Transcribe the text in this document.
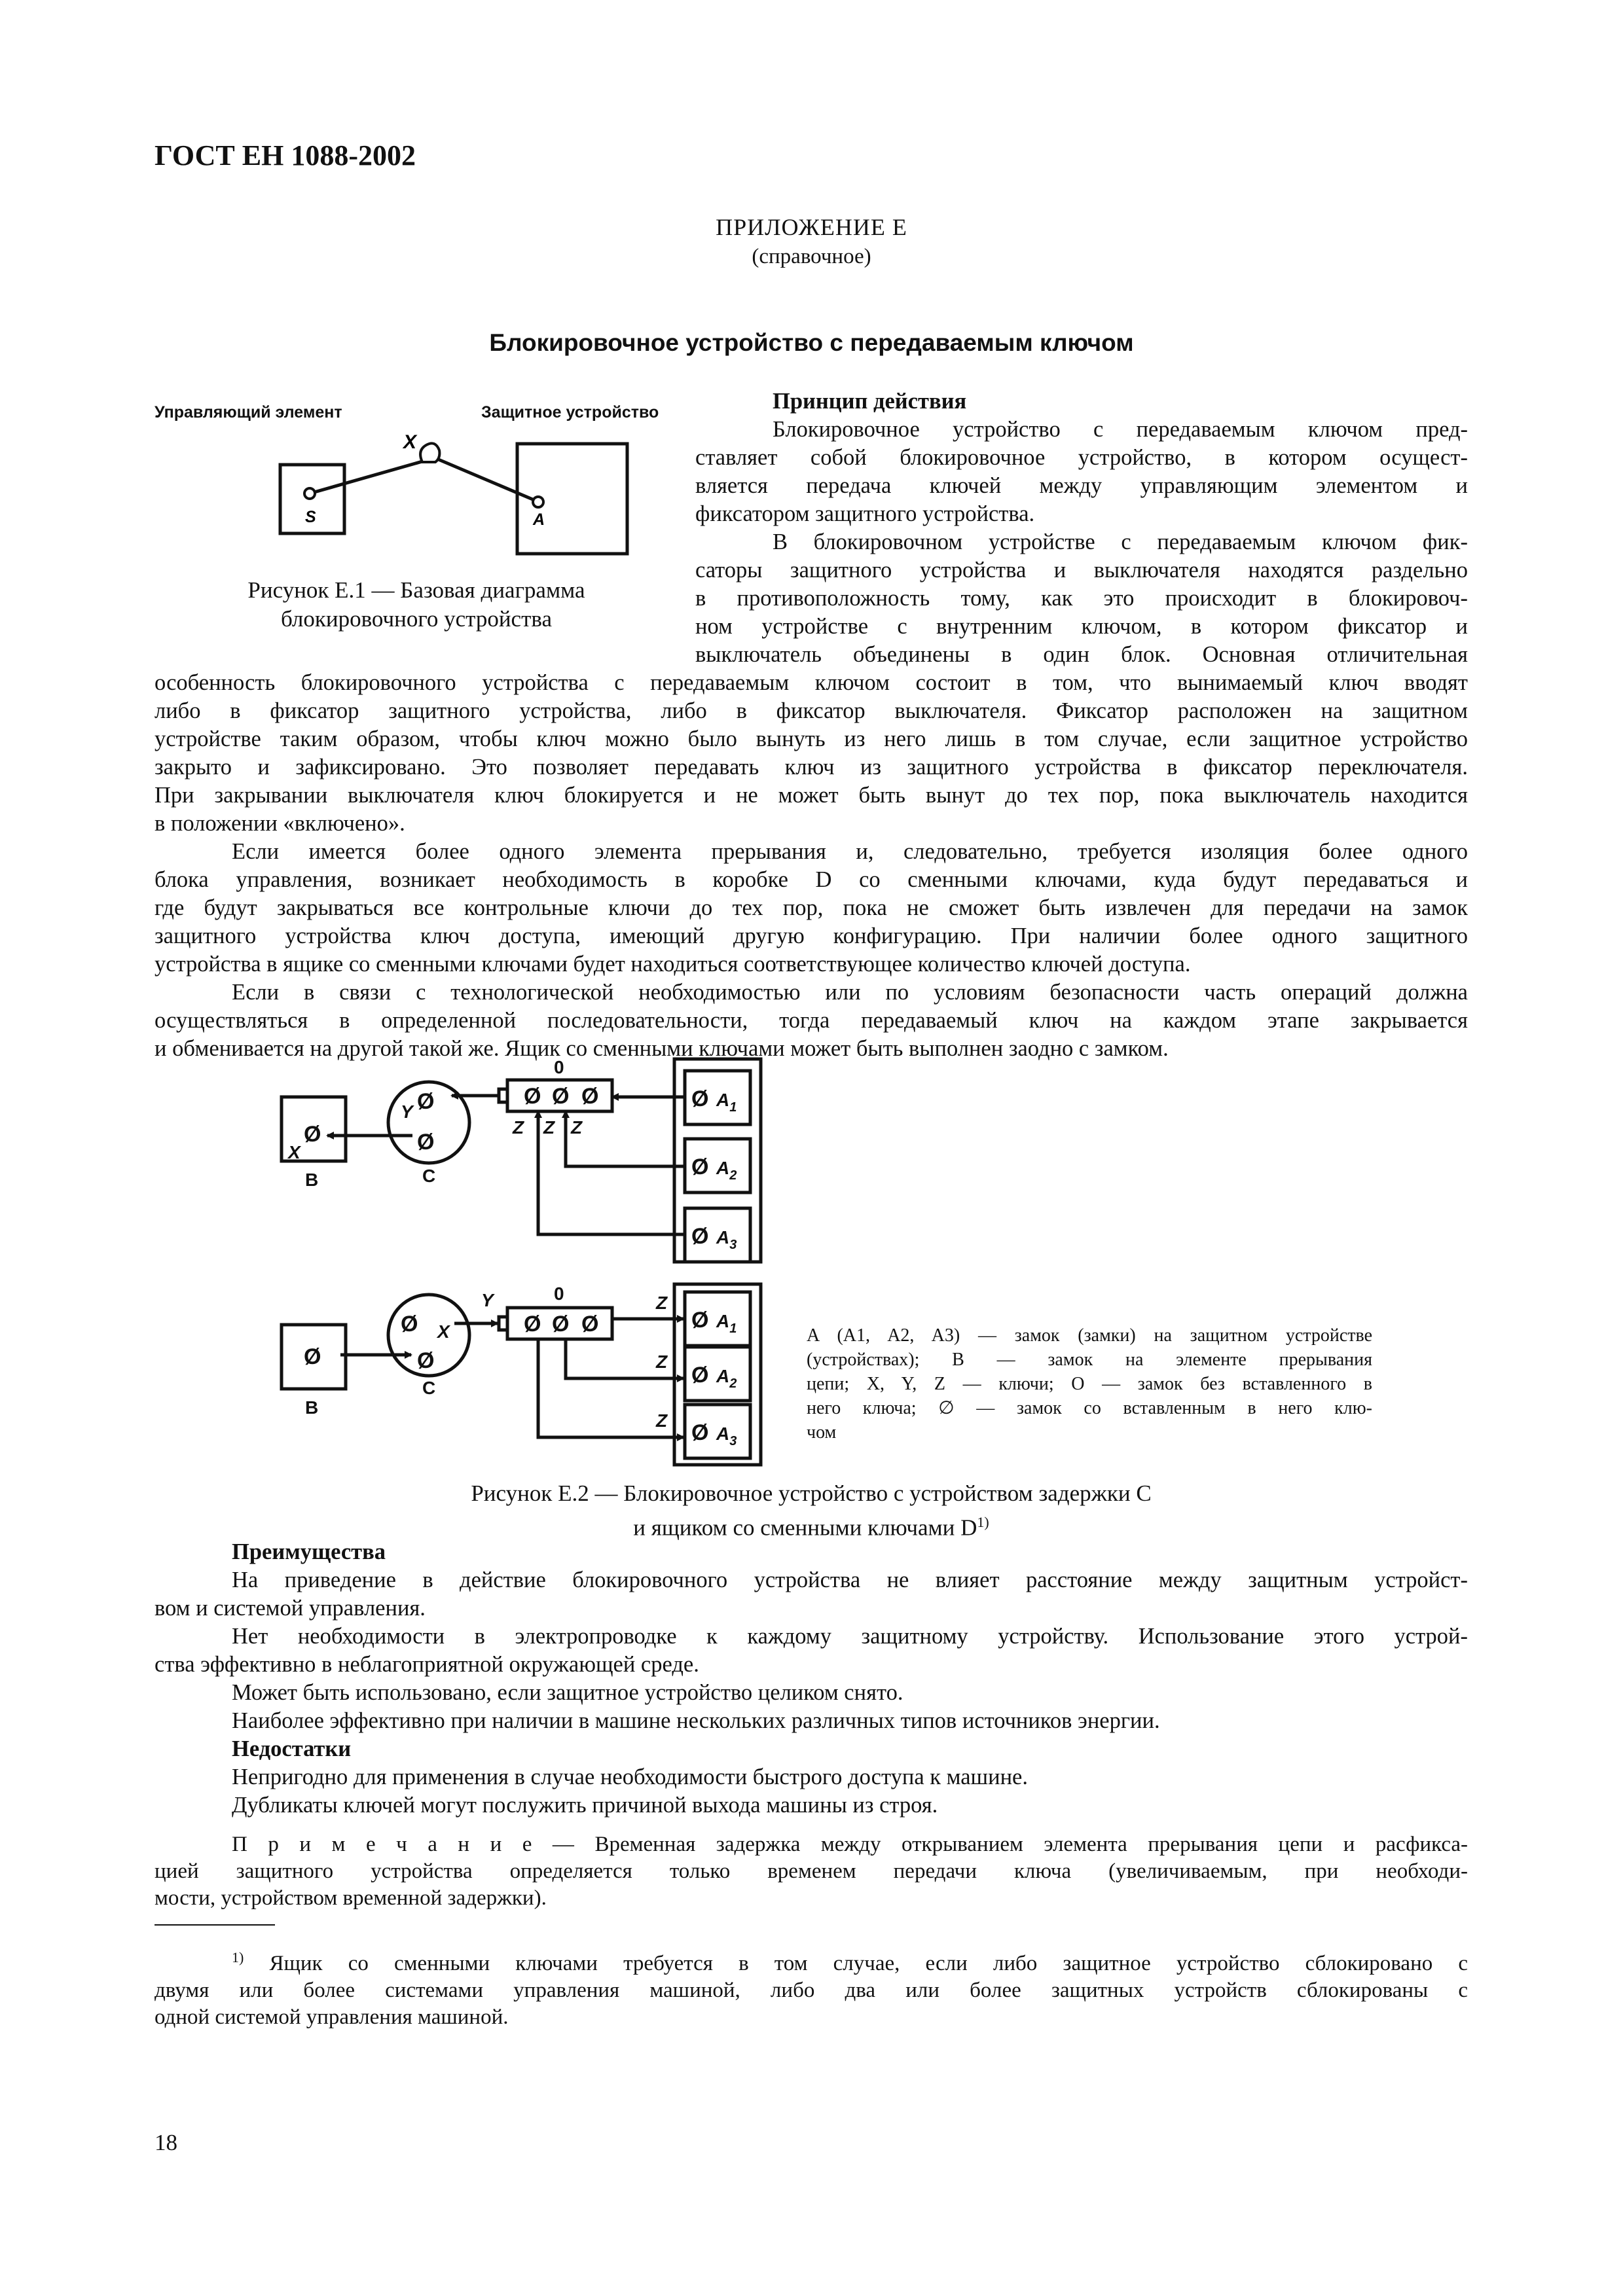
ГОСТ ЕН 1088-2002
ПРИЛОЖЕНИЕ Е
(справочное)
Блокировочное устройство с передаваемым ключом
Управляющий элемент	Защитное устройство
X
S	A
Рисунок Е.1 — Базовая диаграмма
блокировочного устройства
Принцип действия
Блокировочное устройство с передаваемым ключом пред-
ставляет собой блокировочное устройство, в котором осущест-
вляется передача ключей между управляющим элементом и
фиксатором защитного устройства.
В блокировочном устройстве с передаваемым ключом фик-
саторы защитного устройства и выключателя находятся раздельно
в противоположность тому, как это происходит в блокировоч-
ном устройстве с внутренним ключом, в котором фиксатор и
выключатель объединены в один блок. Основная отличительная
особенность блокировочного устройства с передаваемым ключом состоит в том, что вынимаемый ключ вводят
либо в фиксатор защитного устройства, либо в фиксатор выключателя. Фиксатор расположен на защитном
устройстве таким образом, чтобы ключ можно было вынуть из него лишь в том случае, если защитное устройство
закрыто и зафиксировано. Это позволяет передавать ключ из защитного устройства в фиксатор переключателя.
При закрывании выключателя ключ блокируется и не может быть вынут до тех пор, пока выключатель находится
в положении «включено».
Если имеется более одного элемента прерывания и, следовательно, требуется изоляция более одного
блока управления, возникает необходимость в коробке D со сменными ключами, куда будут передаваться и
где будут закрываться все контрольные ключи до тех пор, пока не сможет быть извлечен для передачи на замок
защитного устройства ключ доступа, имеющий другую конфигурацию. При наличии более одного защитного
устройства в ящике со сменными ключами будет находиться соответствующее количество ключей доступа.
Если в связи с технологической необходимостью или по условиям безопасности часть операций должна
осуществляться в определенной последовательности, тогда передаваемый ключ на каждом этапе закрывается
и обменивается на другой такой же. Ящик со сменными ключами может быть выполнен заодно с замком.
Ø
Ø
Ø
Ø Ø Ø	Ø
Ø
Ø
Ø
Ø
Ø
Ø Ø Ø	Ø
Ø
Ø
$A_1$
$A_2$
$A_3$
$A_1$
$A_2$
$A_3$
0
0
B
B
C
C
X
X
Y
Y
Z Z Z
Z
Z
Z
A (A1, A2, A3) — замок (замки) на защитном устройстве
(устройствах); B — замок на элементе прерывания
цепи; X, Y, Z — ключи; O — замок без вставленного в
него ключа; ∅ — замок со вставленным в него клю-
чом
Рисунок Е.2 — Блокировочное устройство с устройством задержки C
и ящиком со сменными ключами $D^{1)}$
Преимущества
На приведение в действие блокировочного устройства не влияет расстояние между защитным устройст-
вом и системой управления.
Нет необходимости в электропроводке к каждому защитному устройству. Использование этого устрой-
ства эффективно в неблагоприятной окружающей среде.
Может быть использовано, если защитное устройство целиком снято.
Наиболее эффективно при наличии в машине нескольких различных типов источников энергии.
Недостатки
Непригодно для применения в случае необходимости быстрого доступа к машине.
Дубликаты ключей могут послужить причиной выхода машины из строя.
П р и м е ч а н и е — Временная задержка между открыванием элемента прерывания цепи и расфикса-
цией защитного устройства определяется только временем передачи ключа (увеличиваемым, при необходи-
мости, устройством временной задержки).
$^{1)}$ Ящик со сменными ключами требуется в том случае, если либо защитное устройство сблокировано с
двумя или более системами управления машиной, либо два или более защитных устройств сблокированы с
одной системой управления машиной.
18
